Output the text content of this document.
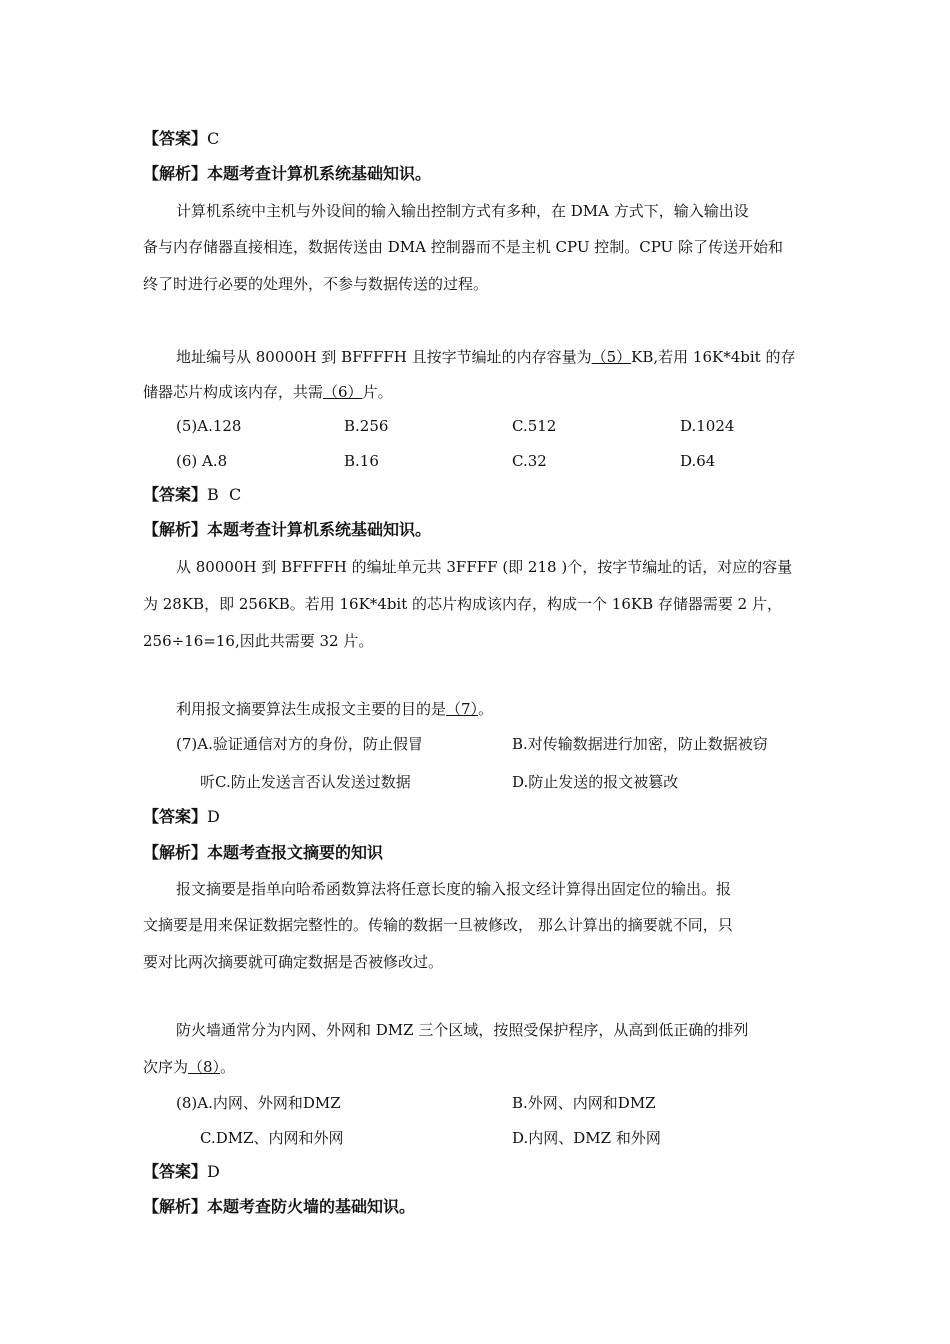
【答案】C
【解析】本题考查计算机系统基础知识。
计算机系统中主机与外设间的输入输出控制方式有多种，在 DMA 方式下，输入输出设
备与内存储器直接相连，数据传送由 DMA 控制器而不是主机 CPU 控制。CPU 除了传送开始和
终了时进行必要的处理外，不参与数据传送的过程。
地址编号从 80000H 到 BFFFFH 且按字节编址的内存容量为（5）KB,若用 16K*4bit 的存
储器芯片构成该内存，共需（6）片。
(5)A.128	B.256	C.512	D.1024
(6) A.8	B.16	C.32	D.64
【答案】B  C
【解析】本题考查计算机系统基础知识。
从 80000H 到 BFFFFH 的编址单元共 3FFFF (即 218 )个，按字节编址的话，对应的容量
为 28KB，即 256KB。若用 16K*4bit 的芯片构成该内存，构成一个 16KB 存储器需要 2 片，
256÷16=16,因此共需要 32 片。
利用报文摘要算法生成报文主要的目的是（7）。
(7)A.验证通信对方的身份，防止假冒	B.对传输数据进行加密，防止数据被窃
听C.防止发送言否认发送过数据	D.防止发送的报文被篡改
【答案】D
【解析】本题考查报文摘要的知识
报文摘要是指单向哈希函数算法将任意长度的输入报文经计算得出固定位的输出。报
文摘要是用来保证数据完整性的。传输的数据一旦被修改， 那么计算出的摘要就不同，只
要对比两次摘要就可确定数据是否被修改过。
防火墙通常分为内网、外网和 DMZ 三个区域，按照受保护程序，从高到低正确的排列
次序为（8）。
(8)A.内网、外网和DMZ	B.外网、内网和DMZ
C.DMZ、内网和外网	D.内网、DMZ 和外网
【答案】D
【解析】本题考查防火墙的基础知识。
